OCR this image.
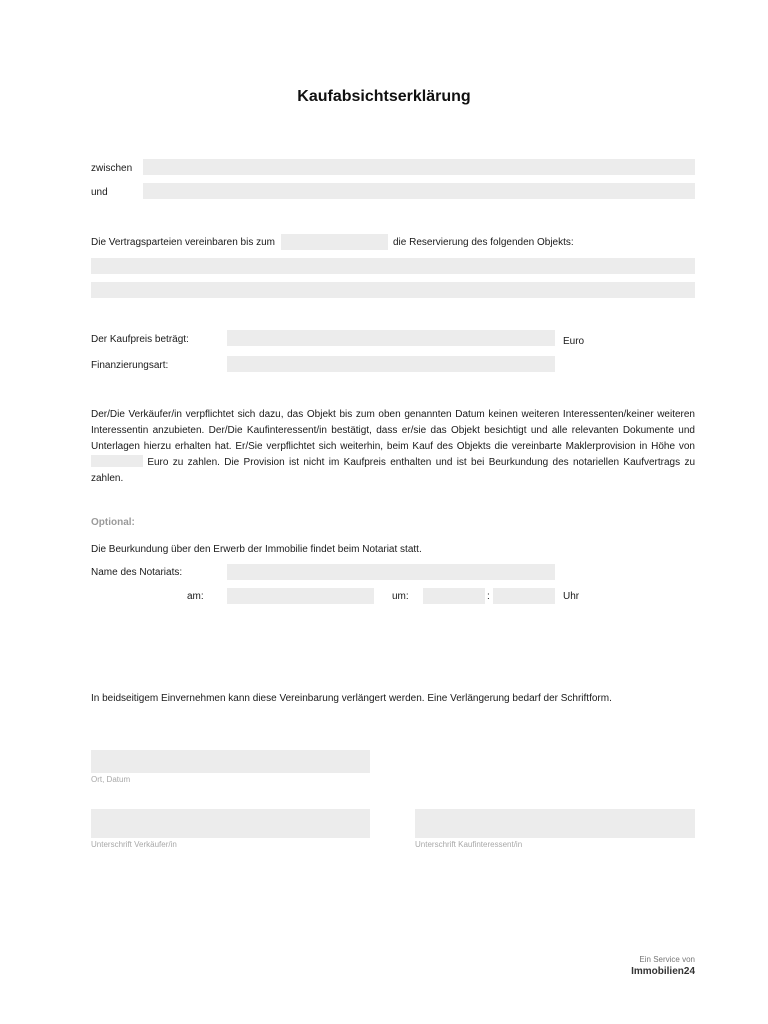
Kaufabsichtserklärung
zwischen
und
Die Vertragsparteien vereinbaren bis zum	die Reservierung des folgenden Objekts:
Der Kaufpreis beträgt:	Euro
Finanzierungsart:
Der/Die Verkäufer/in verpflichtet sich dazu, das Objekt bis zum oben genannten Datum keinen weiteren Interessenten/keiner weiteren Interessentin anzubieten. Der/Die Kaufinteressent/in bestätigt, dass er/sie das Objekt besichtigt und alle relevanten Dokumente und Unterlagen hierzu erhalten hat. Er/Sie verpflichtet sich weiterhin, beim Kauf des Objekts die vereinbarte Maklerprovision in Höhe von  Euro zu zahlen. Die Provision ist nicht im Kaufpreis enthalten und ist bei Beurkundung des notariellen Kaufvertrags zu zahlen.
Optional:
Die Beurkundung über den Erwerb der Immobilie findet beim Notariat statt.
Name des Notariats:
am:	um:	:	Uhr
In beidseitigem Einvernehmen kann diese Vereinbarung verlängert werden. Eine Verlängerung bedarf der Schriftform.
Ort, Datum
Unterschrift Verkäufer/in	Unterschrift Kaufinteressent/in
Ein Service von
Immobilien24
